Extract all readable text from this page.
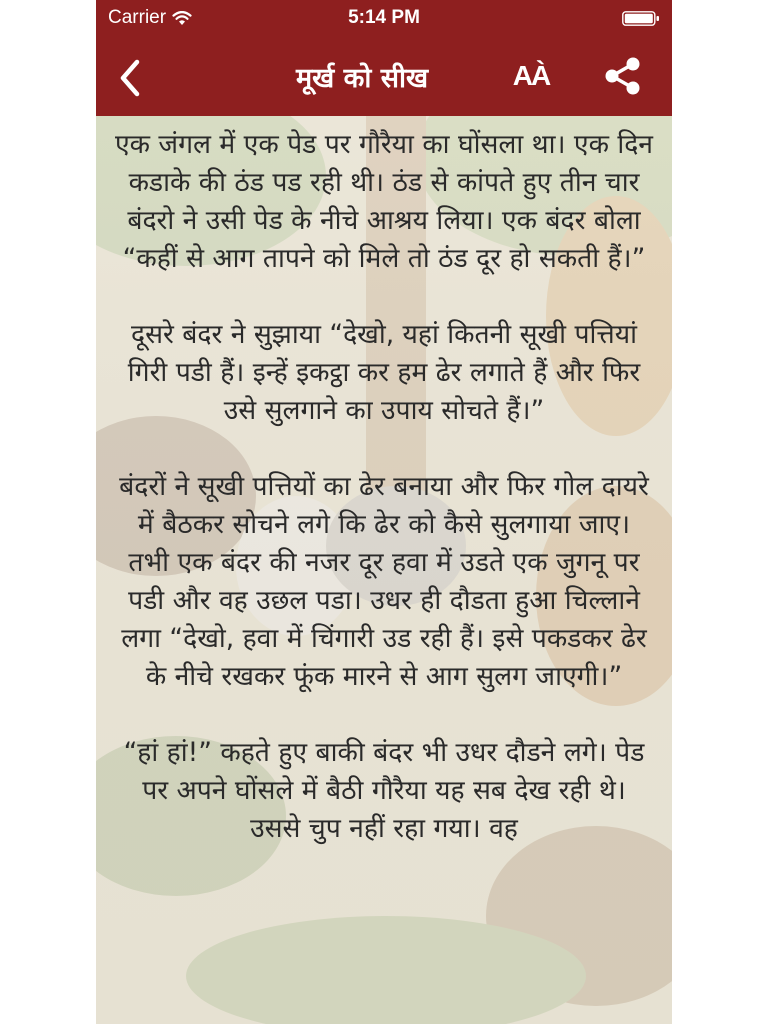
Carrier	5:14 PM
मूर्ख को सीख	AÀ

एक जंगल में एक पेड पर गौरैया का घोंसला था। एक दिन कडाके की ठंड पड रही थी। ठंड से कांपते हुए तीन चार बंदरो ने उसी पेड के नीचे आश्रय लिया। एक बंदर बोला “कहीं से आग तापने को मिले तो ठंड दूर हो सकती हैं।”

दूसरे बंदर ने सुझाया “देखो, यहां कितनी सूखी पत्तियां गिरी पडी हैं। इन्हें इकट्ठा कर हम ढेर लगाते हैं और फिर उसे सुलगाने का उपाय सोचते हैं।”

बंदरों ने सूखी पत्तियों का ढेर बनाया और फिर गोल दायरे में बैठकर सोचने लगे कि ढेर को कैसे सुलगाया जाए। तभी एक बंदर की नजर दूर हवा में उडते एक जुगनू पर पडी और वह उछल पडा। उधर ही दौडता हुआ चिल्लाने लगा “देखो, हवा में चिंगारी उड रही हैं। इसे पकडकर ढेर के नीचे रखकर फूंक मारने से आग सुलग जाएगी।”

“हां हां!” कहते हुए बाकी बंदर भी उधर दौडने लगे। पेड पर अपने घोंसले में बैठी गौरैया यह सब देख रही थे। उससे चुप नहीं रहा गया। वह
